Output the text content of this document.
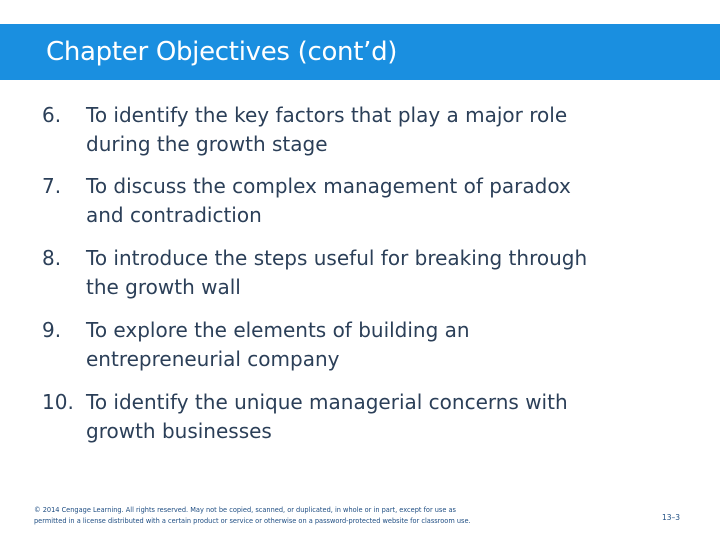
Chapter Objectives (cont’d)
6. To identify the key factors that play a major role
during the growth stage
7. To discuss the complex management of paradox
and contradiction
8. To introduce the steps useful for breaking through
the growth wall
9. To explore the elements of building an
entrepreneurial company
10. To identify the unique managerial concerns with
growth businesses
© 2014 Cengage Learning. All rights reserved. May not be copied, scanned, or duplicated, in whole or in part, except for use as
permitted in a license distributed with a certain product or service or otherwise on a password-protected website for classroom use.	13–3
